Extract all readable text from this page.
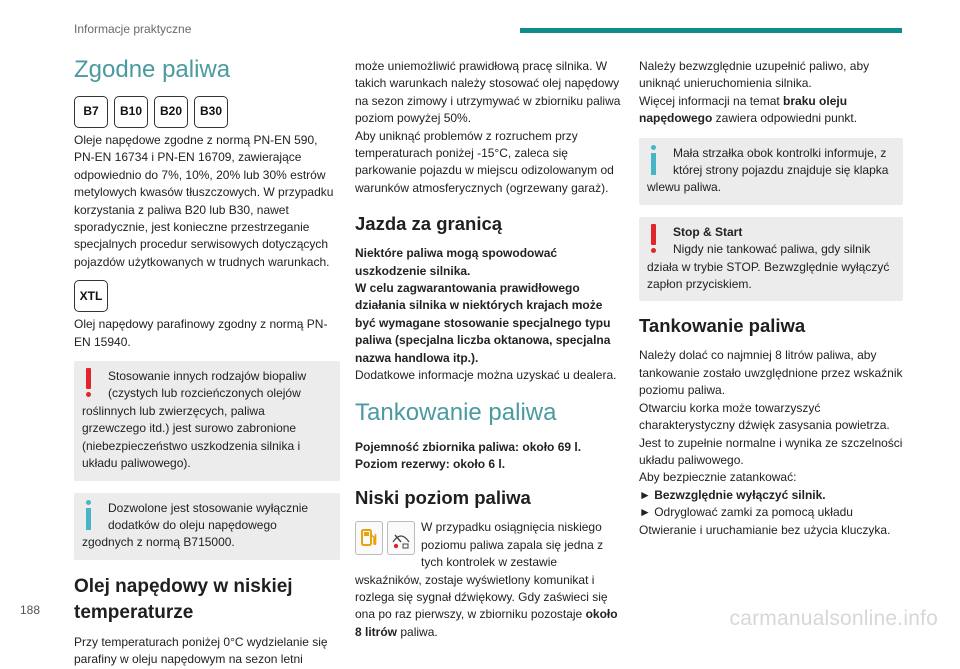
Informacje praktyczne
Zgodne paliwa
B7	B10	B20	B30

Oleje napędowe zgodne z normą PN-EN 590, PN-EN 16734 i PN-EN 16709, zawierające odpowiednio do 7%, 10%, 20% lub 30% estrów metylowych kwasów tłuszczowych. W przypadku korzystania z paliwa B20 lub B30, nawet sporadycznie, jest konieczne przestrzeganie specjalnych procedur serwisowych dotyczących pojazdów użytkowanych w trudnych warunkach.

XTL

Olej napędowy parafinowy zgodny z normą PN-EN 15940.

Stosowanie innych rodzajów biopaliw (czystych lub rozcieńczonych olejów
roślinnych lub zwierzęcych, paliwa grzewczego itd.) jest surowo zabronione (niebezpieczeństwo uszkodzenia silnika i układu paliwowego).
Dozwolone jest stosowanie wyłącznie dodatków do oleju napędowego
zgodnych z normą B715000.
Olej napędowy w niskiej temperaturze

Przy temperaturach poniżej 0°C wydzielanie się parafiny w oleju napędowym na sezon letni

może uniemożliwić prawidłową pracę silnika. W takich warunkach należy stosować olej napędowy na sezon zimowy i utrzymywać w zbiorniku paliwa poziom powyżej 50%.

Aby uniknąć problemów z rozruchem przy temperaturach poniżej -15°C, zaleca się parkowanie pojazdu w miejscu odizolowanym od warunków atmosferycznych (ogrzewany garaż).

Jazda za granicą

Niektóre paliwa mogą spowodować uszkodzenie silnika.
W celu zagwarantowania prawidłowego działania silnika w niektórych krajach może być wymagane stosowanie specjalnego typu paliwa (specjalna liczba oktanowa, specjalna nazwa handlowa itp.).

Dodatkowe informacje można uzyskać u dealera.

Tankowanie paliwa

Pojemność zbiornika paliwa: około 69 l.

Poziom rezerwy: około 6 l.

Niski poziom paliwa

W przypadku osiągnięcia niskiego poziomu paliwa zapala się jedna z tych kontrolek w zestawie wskaźników, zostaje wyświetlony komunikat i rozlega się sygnał dźwiękowy. Gdy zaświeci się ona po raz pierwszy, w zbiorniku pozostaje około 8 litrów paliwa.

Należy bezwzględnie uzupełnić paliwo, aby uniknąć unieruchomienia silnika.

Więcej informacji na temat braku oleju napędowego zawiera odpowiedni punkt.

Mała strzałka obok kontrolki informuje, z której strony pojazdu znajduje się klapka
wlewu paliwa.
Stop & Start
Nigdy nie tankować paliwa, gdy silnik
działa w trybie STOP. Bezwzględnie wyłączyć zapłon przyciskiem.
Tankowanie paliwa

Należy dolać co najmniej 8 litrów paliwa, aby tankowanie zostało uwzględnione przez wskaźnik poziomu paliwa.

Otwarciu korka może towarzyszyć charakterystyczny dźwięk zasysania powietrza. Jest to zupełnie normalne i wynika ze szczelności układu paliwowego.

Aby bezpiecznie zatankować:

► Bezwzględnie wyłączyć silnik.

► Odryglować zamki za pomocą układu Otwieranie i uruchamianie bez użycia kluczyka.

188	carmanualsonline.info
